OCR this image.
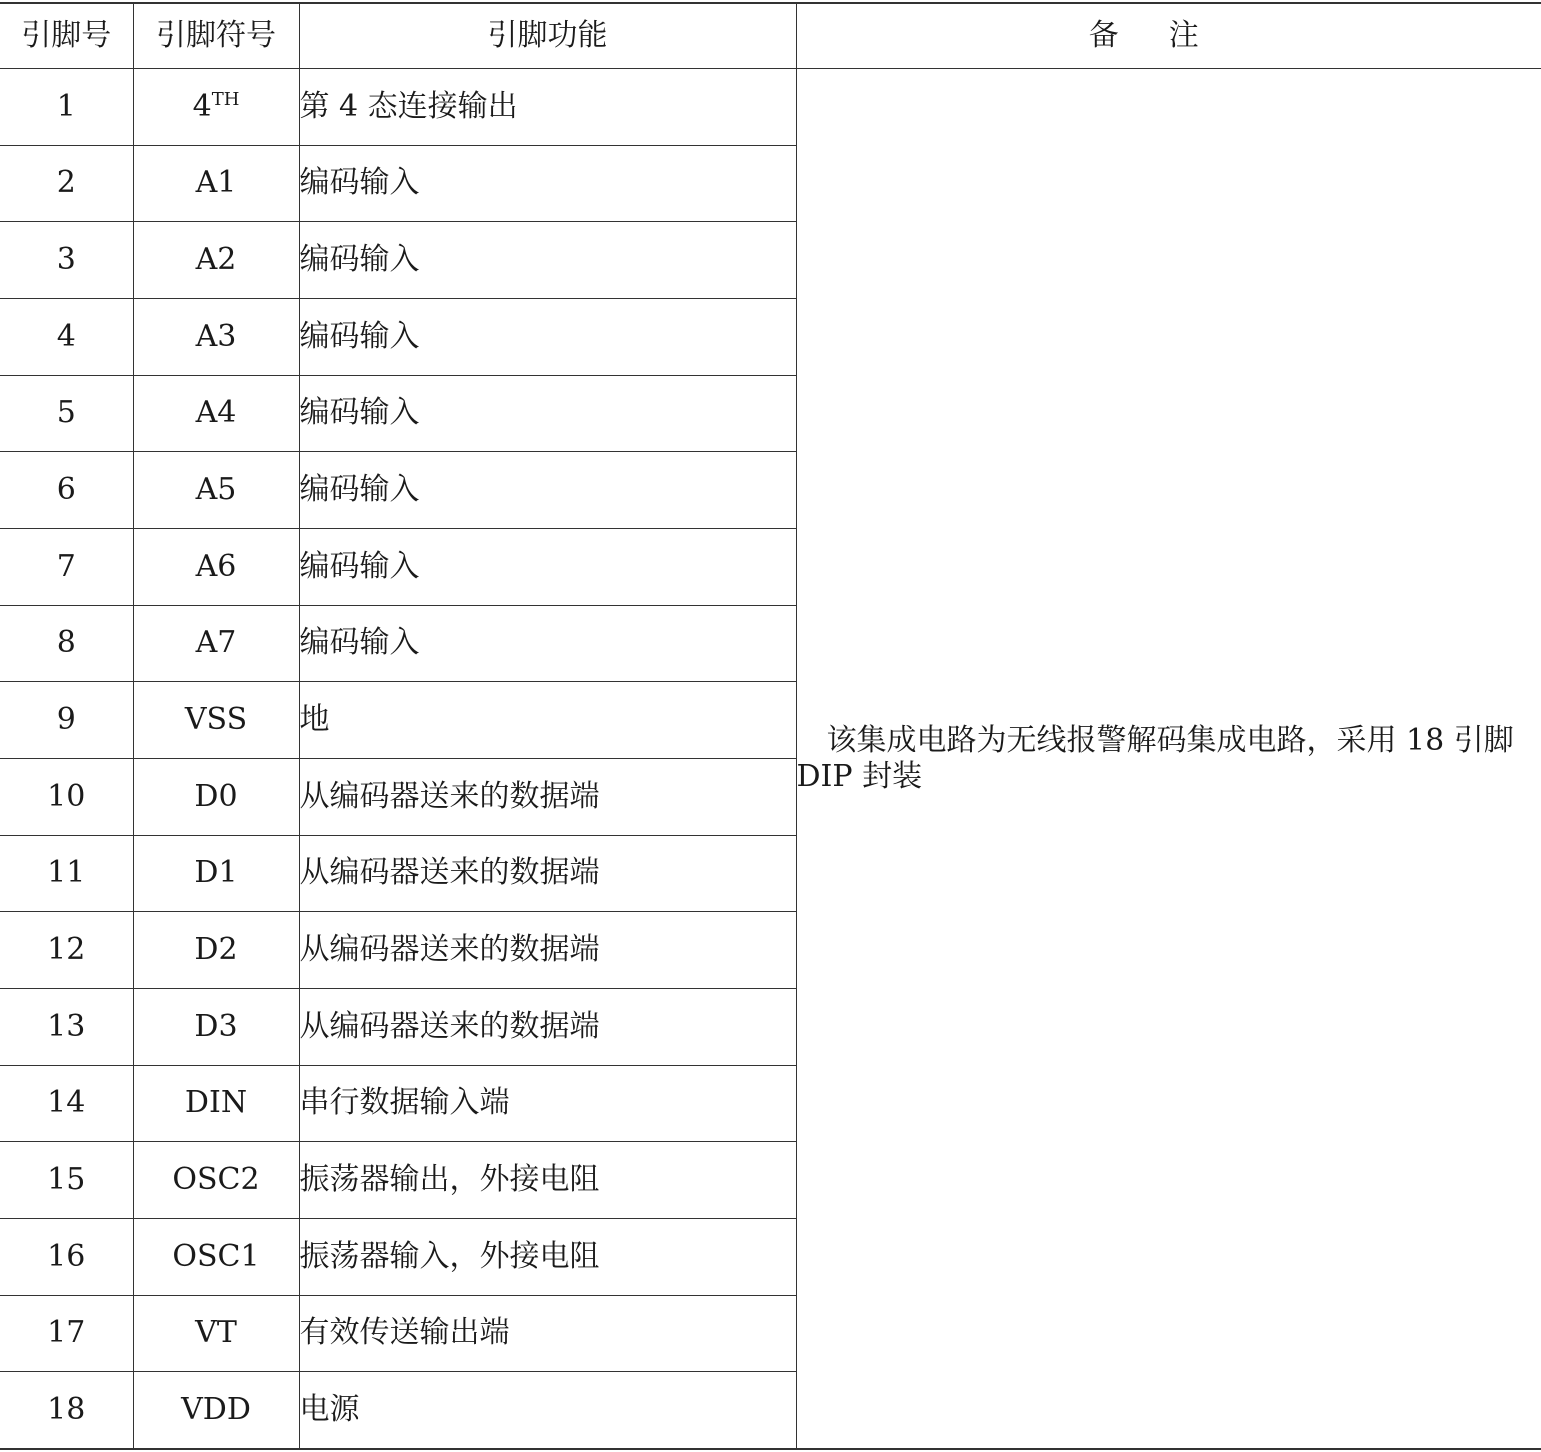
引脚号	引脚符号	引脚功能	备注
1	4TH	第 4 态连接输出	该集成电路为无线报警解码集成电路，采用 18 引脚 DIP 封装

2	A1	编码输入	
3	A2	编码输入	
4	A3	编码输入	
5	A4	编码输入	
6	A5	编码输入	
7	A6	编码输入	
8	A7	编码输入	
9	VSS	地	
10	D0	从编码器送来的数据端	
11	D1	从编码器送来的数据端	
12	D2	从编码器送来的数据端	
13	D3	从编码器送来的数据端	
14	DIN	串行数据输入端	
15	OSC2	振荡器输出，外接电阻	
16	OSC1	振荡器输入，外接电阻	
17	VT	有效传送输出端	
18	VDD	电源	
